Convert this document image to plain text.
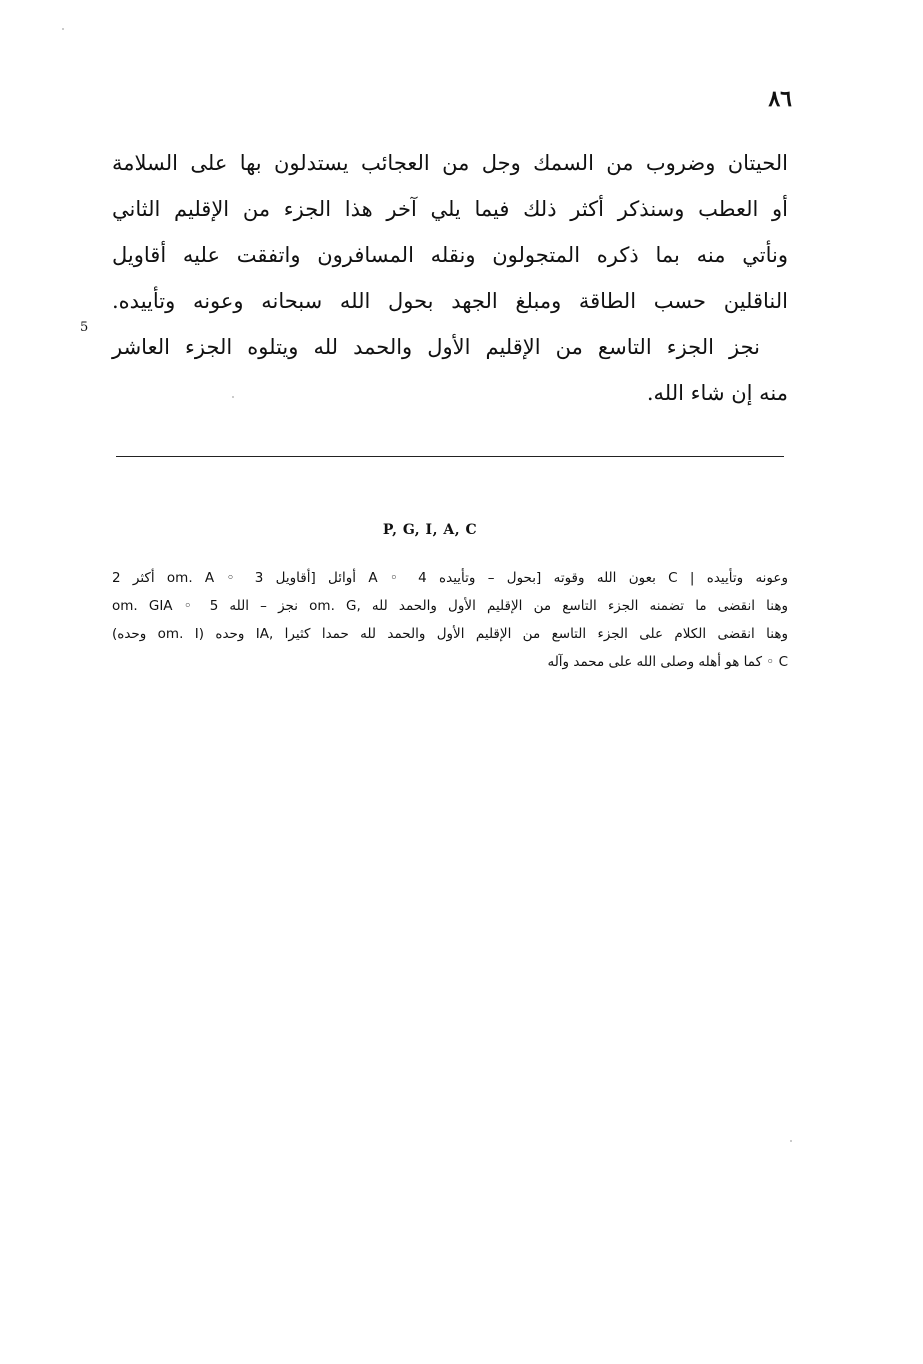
٨٦
الحيتان وضروب من السمك وجل من العجائب يستدلون بها على السلامة
أو العطب وسنذكر أكثر ذلك فيما يلي آخر هذا الجزء من الإقليم الثاني
ونأتي منه بما ذكره المتجولون ونقله المسافرون واتفقت عليه أقاويل
الناقلين حسب الطاقة ومبلغ الجهد بحول الله سبحانه وعونه وتأييده.
نجز الجزء التاسع من الإقليم الأول والحمد لله ويتلوه الجزء العاشر
منه إن شاء الله.
5
P, G, I, A, C
وعونه وتأييده | C بعون الله وقوته [بحول – وتأييده A ◦ 4 أوائل [أقاويل 3 ◦ om. A أكثر 2
وهنا انقضى ما تضمنه الجزء التاسع من الإقليم الأول والحمد لله ,om. G نجز – الله 5 ◦ om. GIA
وهنا انقضى الكلام على الجزء التاسع من الإقليم الأول والحمد لله حمدا كثيرا ,IA وحده (om. I وحده)
C ◦ كما هو أهله وصلى الله على محمد وآله
